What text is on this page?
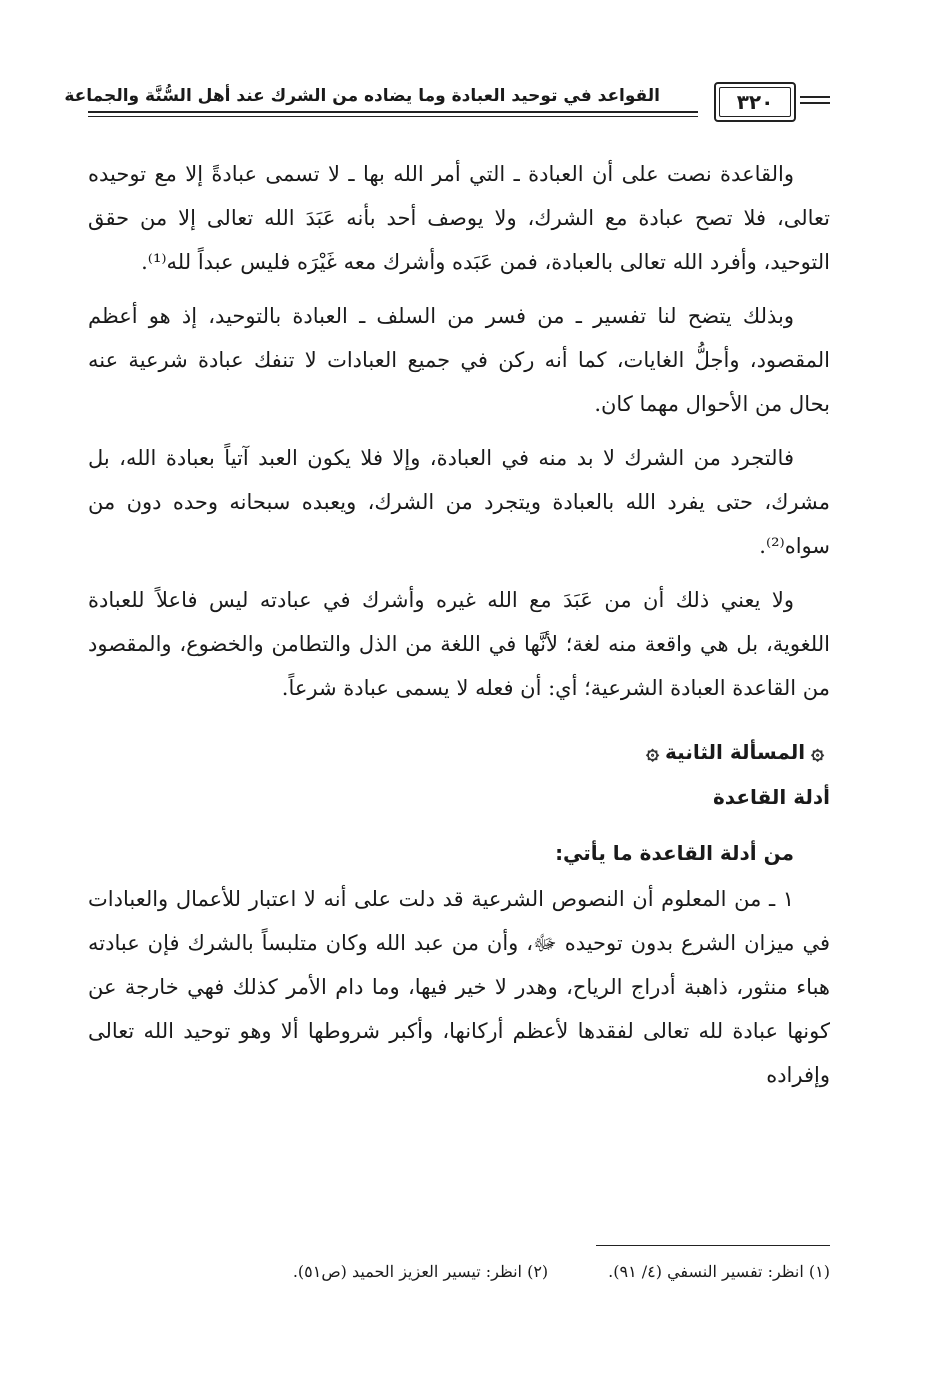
القواعد في توحيد العبادة وما يضاده من الشرك عند أهل السُّنَّة والجماعة	٣٢٠

والقاعدة نصت على أن العبادة ـ التي أمر الله بها ـ لا تسمى عبادةً إلا مع توحيده تعالى، فلا تصح عبادة مع الشرك، ولا يوصف أحد بأنه عَبَدَ الله تعالى إلا من حقق التوحيد، وأفرد الله تعالى بالعبادة، فمن عَبَده وأشرك معه غَيْرَه فليس عبداً لله⁽¹⁾.

وبذلك يتضح لنا تفسير ـ من فسر من السلف ـ العبادة بالتوحيد، إذ هو أعظم المقصود، وأجلُّ الغايات، كما أنه ركن في جميع العبادات لا تنفك عبادة شرعية عنه بحال من الأحوال مهما كان.

فالتجرد من الشرك لا بد منه في العبادة، وإلا فلا يكون العبد آتياً بعبادة الله، بل مشرك، حتى يفرد الله بالعبادة ويتجرد من الشرك، ويعبده سبحانه وحده دون من سواه⁽²⁾.

ولا يعني ذلك أن من عَبَدَ مع الله غيره وأشرك في عبادته ليس فاعلاً للعبادة اللغوية، بل هي واقعة منه لغة؛ لأنَّها في اللغة من الذل والتطامن والخضوع، والمقصود من القاعدة العبادة الشرعية؛ أي: أن فعله لا يسمى عبادة شرعاً.

۞المسألة الثانية۞
أدلة القاعدة
من أدلة القاعدة ما يأتي:

١ ـ من المعلوم أن النصوص الشرعية قد دلت على أنه لا اعتبار للأعمال والعبادات في ميزان الشرع بدون توحيده ﷻ، وأن من عبد الله وكان متلبساً بالشرك فإن عبادته هباء منثور، ذاهبة أدراج الرياح، وهدر لا خير فيها، وما دام الأمر كذلك فهي خارجة عن كونها عبادة لله تعالى لفقدها لأعظم أركانها، وأكبر شروطها ألا وهو توحيد الله تعالى وإفراده

(١) انظر: تفسير النسفي (٤/ ٩١).
(٢) انظر: تيسير العزيز الحميد (ص٥١).
